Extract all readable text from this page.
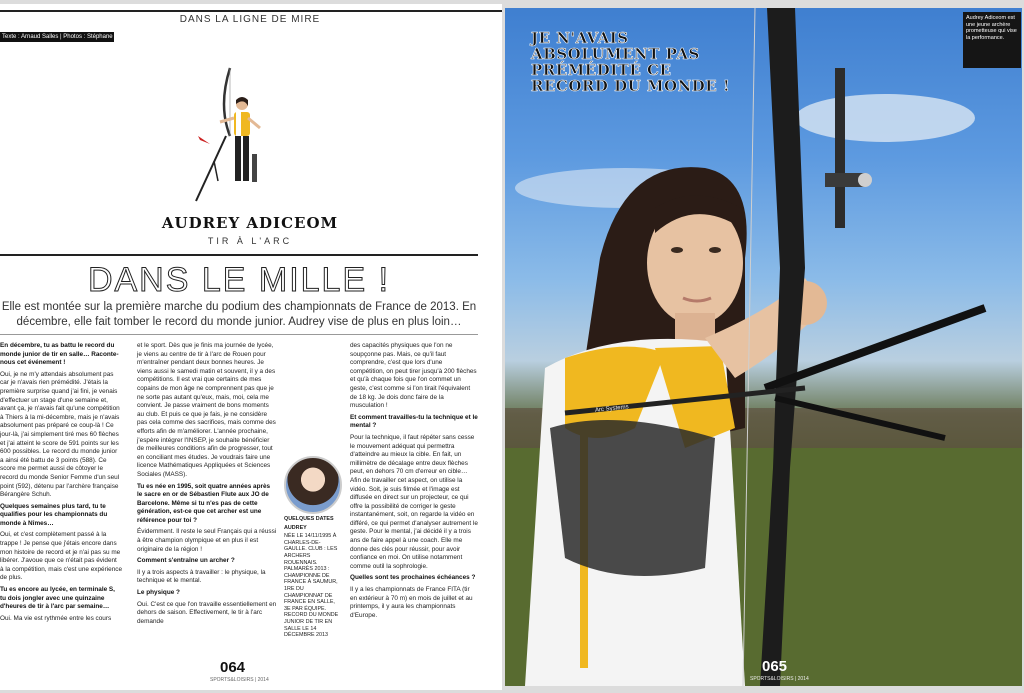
DANS LA LIGNE DE MIRE
Texte : Arnaud Salles | Photos : Stéphane Grandordy
AUDREY ADICEOM
TIR À L'ARC
DANS LE MILLE !
Elle est montée sur la première marche du podium des championnats de France de 2013. En décembre, elle fait tomber le record du monde junior. Audrey vise de plus en plus loin…

En décembre, tu as battu le record du monde junior de tir en salle… Raconte-nous cet événement !

Oui, je ne m'y attendais absolument pas car je n'avais rien prémédité. J'étais la première surprise quand j'ai fini, je venais d'effectuer un stage d'une semaine et, avant ça, je n'avais fait qu'une compétition à Thiers à la mi-décembre, mais je n'avais absolument pas préparé ce coup-là ! Ce jour-là, j'ai simplement tiré mes 60 flèches et j'ai atteint le score de 591 points sur les 600 possibles. Le record du monde junior a ainsi été battu de 3 points (588). Ce score me permet aussi de côtoyer le record du monde Senior Femme d'un seul point (592), détenu par l'archère française Bérangère Schuh.

Quelques semaines plus tard, tu te qualifies pour les championnats du monde à Nîmes…

Oui, et c'est complètement passé à la trappe ! Je pense que j'étais encore dans mon histoire de record et je n'ai pas su me libérer. J'avoue que ce n'était pas évident à la compétition, mais c'est une expérience de plus.

Tu es encore au lycée, en terminale S, tu dois jongler avec une quinzaine d'heures de tir à l'arc par semaine…

Oui. Ma vie est rythmée entre les cours

et le sport. Dès que je finis ma journée de lycée, je viens au centre de tir à l'arc de Rouen pour m'entraîner pendant deux bonnes heures. Je viens aussi le samedi matin et souvent, il y a des compétitions. Il est vrai que certains de mes copains de mon âge ne comprennent pas que je ne sorte pas autant qu'eux, mais, moi, cela me convient. Je passe vraiment de bons moments au club. Et puis ce que je fais, je ne considère pas cela comme des sacrifices, mais comme des efforts afin de m'améliorer. L'année prochaine, j'espère intégrer l'INSEP, je souhaite bénéficier de meilleures conditions afin de progresser, tout en conciliant mes études. Je voudrais faire une licence Mathématiques Appliquées et Sciences Sociales (MASS).

Tu es née en 1995, soit quatre années après le sacre en or de Sébastien Flute aux JO de Barcelone. Même si tu n'es pas de cette génération, est-ce que cet archer est une référence pour toi ?

Évidemment. Il reste le seul Français qui a réussi à être champion olympique et en plus il est originaire de la région !

Comment s'entraîne un archer ?

Il y a trois aspects à travailler : le physique, la technique et le mental.

Le physique ?

Oui. C'est ce que l'on travaille essentiellement en dehors de saison. Effectivement, le tir à l'arc demande

QUELQUES DATES
AUDREY
NÉE LE 14/11/1995 À CHARLES-DE-GAULLE. CLUB : LES ARCHERS ROUENNAIS. PALMARÈS 2013 : CHAMPIONNE DE FRANCE À SAUMUR, 1RE DU CHAMPIONNAT DE FRANCE EN SALLE, 3E PAR ÉQUIPE. RECORD DU MONDE JUNIOR DE TIR EN SALLE LE 14 DÉCEMBRE 2013

des capacités physiques que l'on ne soupçonne pas. Mais, ce qu'il faut comprendre, c'est que lors d'une compétition, on peut tirer jusqu'à 200 flèches et qu'à chaque fois que l'on commet un geste, c'est comme si l'on tirait l'équivalent de 18 kg. Je dois donc faire de la musculation !

Et comment travailles-tu la technique et le mental ?

Pour la technique, il faut répéter sans cesse le mouvement adéquat qui permettra d'atteindre au mieux la cible. En fait, un millimètre de décalage entre deux flèches peut, en dehors 70 cm d'erreur en cible… Afin de travailler cet aspect, on utilise la vidéo. Soit, je suis filmée et l'image est diffusée en direct sur un projecteur, ce qui offre la possibilité de corriger le geste instantanément, soit, on regarde la vidéo en différé, ce qui permet d'analyser autrement le geste. Pour le mental, j'ai décidé il y a trois ans de faire appel à une coach. Elle me donne des clés pour réussir, pour avoir confiance en moi. On utilise notamment comme outil la sophrologie.

Quelles sont tes prochaines échéances ?

Il y a les championnats de France FITA (tir en extérieur à 70 m) en mois de juillet et au printemps, il y aura les championnats d'Europe.

064
SPORTS&LOISIRS | 2014
JE N'AVAIS ABSOLUMENT PAS PRÉMÉDITÉ CE RECORD DU MONDE !
Audrey Adiceom est une jeune archère prometteuse qui vise la performance.
Arc Systems
065
SPORTS&LOISIRS | 2014
